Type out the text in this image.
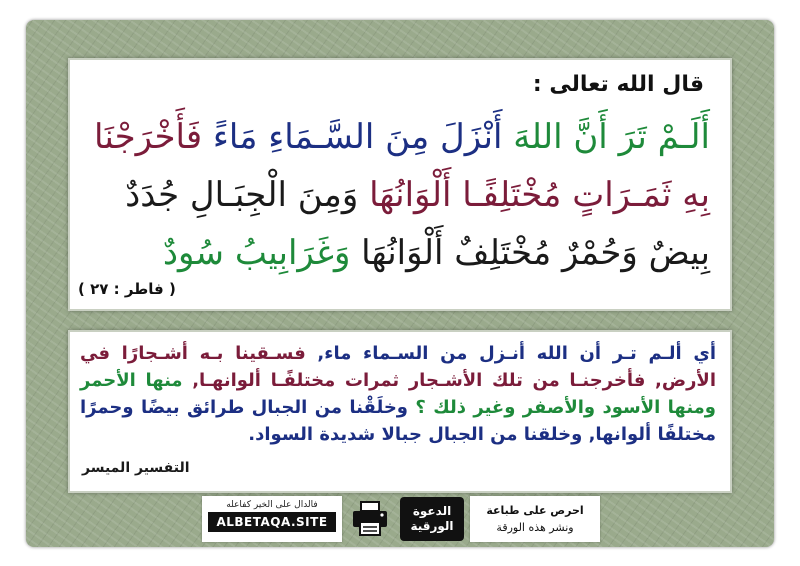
قال الله تعالى :

أَلَـمْ تَرَ أَنَّ اللهَ أَنْزَلَ مِنَ السَّـمَاءِ مَاءً فَأَخْرَجْنَا بِهِ ثَمَـرَاتٍ مُخْتَلِفًـا أَلْوَانُهَا وَمِنَ الْجِبَـالِ جُدَدٌ بِيضٌ وَحُمْرٌ مُخْتَلِفٌ أَلْوَانُهَا وَغَرَابِيبُ سُودٌ

( فاطر : ٢٧ )

أي ألـم تـر أن الله أنـزل من السـماء ماء, فسـقينا بـه أشـجارًا في الأرض, فأخرجنـا من تلك الأشـجار ثمرات مختلفًـا ألوانهـا, منها الأحمر ومنها الأسود والأصفر وغير ذلك ؟ وخلَقْنا من الجبال طرائق بيضًا وحمرًا مختلفًا ألوانها, وخلقنا من الجبال جبالا شديدة السواد.

التفسير الميسر

فالدال على الخير كفاعله

ALBETAQA.SITE
الدعوة
الورقية

احرص على طباعة

ونشر هذه الورقة
